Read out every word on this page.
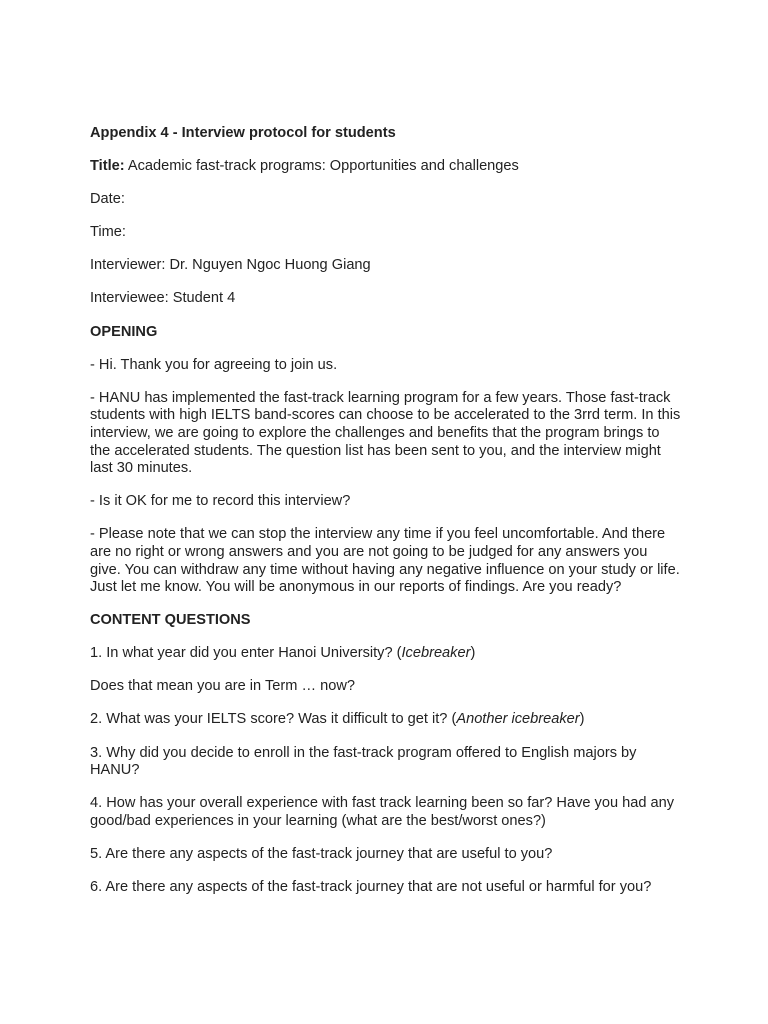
Appendix 4 - Interview protocol for students

Title: Academic fast-track programs: Opportunities and challenges

Date:

Time:

Interviewer: Dr. Nguyen Ngoc Huong Giang

Interviewee: Student 4

OPENING

- Hi. Thank you for agreeing to join us.

- HANU has implemented the fast-track learning program for a few years. Those fast-track students with high IELTS band-scores can choose to be accelerated to the 3rrd term. In this interview, we are going to explore the challenges and benefits that the program brings to the accelerated students. The question list has been sent to you, and the interview might last 30 minutes.

- Is it OK for me to record this interview?

- Please note that we can stop the interview any time if you feel uncomfortable. And there are no right or wrong answers and you are not going to be judged for any answers you give. You can withdraw any time without having any negative influence on your study or life. Just let me know. You will be anonymous in our reports of findings. Are you ready?

CONTENT QUESTIONS

1. In what year did you enter Hanoi University? (Icebreaker)

Does that mean you are in Term … now?

2. What was your IELTS score? Was it difficult to get it? (Another icebreaker)

3. Why did you decide to enroll in the fast-track program offered to English majors by HANU?

4. How has your overall experience with fast track learning been so far? Have you had any good/bad experiences in your learning (what are the best/worst ones?)

5. Are there any aspects of the fast-track journey that are useful to you?

6. Are there any aspects of the fast-track journey that are not useful or harmful for you?
